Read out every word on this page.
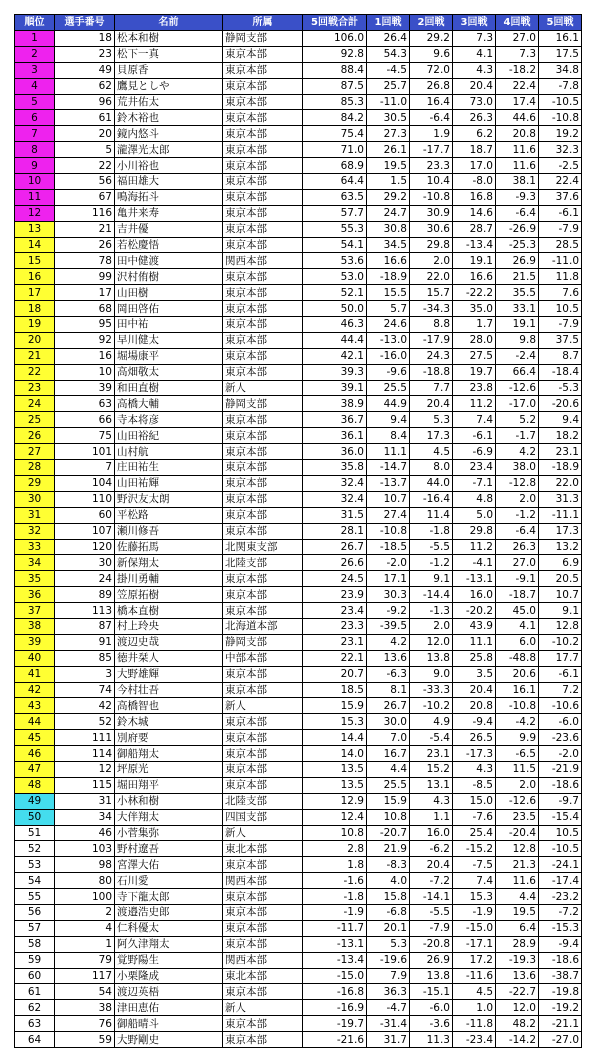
順位	選手番号	名前	所属	5回戦合計	1回戦	2回戦	3回戦	4回戦	5回戦
1	18	松本和樹	静岡支部	106.0	26.4	29.2	7.3	27.0	16.1
2	23	松下一真	東京本部	92.8	54.3	9.6	4.1	7.3	17.5
3	49	貝原香	東京本部	88.4	-4.5	72.0	4.3	-18.2	34.8
4	62	鷹見としや	東京本部	87.5	25.7	26.8	20.4	22.4	-7.8
5	96	荒井佑太	東京本部	85.3	-11.0	16.4	73.0	17.4	-10.5
6	61	鈴木裕也	東京本部	84.2	30.5	-6.4	26.3	44.6	-10.8
7	20	鏡内悠斗	東京本部	75.4	27.3	1.9	6.2	20.8	19.2
8	5	瀧澤光太郎	東京本部	71.0	26.1	-17.7	18.7	11.6	32.3
9	22	小川裕也	東京本部	68.9	19.5	23.3	17.0	11.6	-2.5
10	56	福田雄大	東京本部	64.4	1.5	10.4	-8.0	38.1	22.4
11	67	鳴海拓斗	東京本部	63.5	29.2	-10.8	16.8	-9.3	37.6
12	116	亀井来寿	東京本部	57.7	24.7	30.9	14.6	-6.4	-6.1
13	21	吉井優	東京本部	55.3	30.8	30.6	28.7	-26.9	-7.9
14	26	若松慶悟	東京本部	54.1	34.5	29.8	-13.4	-25.3	28.5
15	78	田中健渡	関西本部	53.6	16.6	2.0	19.1	26.9	-11.0
16	99	沢村侑樹	東京本部	53.0	-18.9	22.0	16.6	21.5	11.8
17	17	山田樹	東京本部	52.1	15.5	15.7	-22.2	35.5	7.6
18	68	岡田啓佑	東京本部	50.0	5.7	-34.3	35.0	33.1	10.5
19	95	田中祐	東京本部	46.3	24.6	8.8	1.7	19.1	-7.9
20	92	早川健太	東京本部	44.4	-13.0	-17.9	28.0	9.8	37.5
21	16	堀場康平	東京本部	42.1	-16.0	24.3	27.5	-2.4	8.7
22	10	高畑敬太	東京本部	39.3	-9.6	-18.8	19.7	66.4	-18.4
23	39	和田直樹	新人	39.1	25.5	7.7	23.8	-12.6	-5.3
24	63	高橋大輔	静岡支部	38.9	44.9	20.4	11.2	-17.0	-20.6
25	66	寺本将彦	東京本部	36.7	9.4	5.3	7.4	5.2	9.4
26	75	山田裕紀	東京本部	36.1	8.4	17.3	-6.1	-1.7	18.2
27	101	山村航	東京本部	36.0	11.1	4.5	-6.9	4.2	23.1
28	7	庄田祐生	東京本部	35.8	-14.7	8.0	23.4	38.0	-18.9
29	104	山田祐輝	東京本部	32.4	-13.7	44.0	-7.1	-12.8	22.0
30	110	野沢友太朗	東京本部	32.4	10.7	-16.4	4.8	2.0	31.3
31	60	平松路	東京本部	31.5	27.4	11.4	5.0	-1.2	-11.1
32	107	瀬川修吾	東京本部	28.1	-10.8	-1.8	29.8	-6.4	17.3
33	120	佐藤拓馬	北関東支部	26.7	-18.5	-5.5	11.2	26.3	13.2
34	30	新保翔太	北陸支部	26.6	-2.0	-1.2	-4.1	27.0	6.9
35	24	掛川勇輔	東京本部	24.5	17.1	9.1	-13.1	-9.1	20.5
36	89	笠原拓樹	東京本部	23.9	30.3	-14.4	16.0	-18.7	10.7
37	113	橋本直樹	東京本部	23.4	-9.2	-1.3	-20.2	45.0	9.1
38	87	村上玲央	北海道本部	23.3	-39.5	2.0	43.9	4.1	12.8
39	91	渡辺史哉	静岡支部	23.1	4.2	12.0	11.1	6.0	-10.2
40	85	徳井栞人	中部本部	22.1	13.6	13.8	25.8	-48.8	17.7
41	3	大野雄輝	東京本部	20.7	-6.3	9.0	3.5	20.6	-6.1
42	74	今村壮吾	東京本部	18.5	8.1	-33.3	20.4	16.1	7.2
43	42	高橋智也	新人	15.9	26.7	-10.2	20.8	-10.8	-10.6
44	52	鈴木城	東京本部	15.3	30.0	4.9	-9.4	-4.2	-6.0
45	111	別府要	東京本部	14.4	7.0	-5.4	26.5	9.9	-23.6
46	114	御船翔太	東京本部	14.0	16.7	23.1	-17.3	-6.5	-2.0
47	12	坪原光	東京本部	13.5	4.4	15.2	4.3	11.5	-21.9
48	115	堀田翔平	東京本部	13.5	25.5	13.1	-8.5	2.0	-18.6
49	31	小林和樹	北陸支部	12.9	15.9	4.3	15.0	-12.6	-9.7
50	34	大伴翔太	四国支部	12.4	10.8	1.1	-7.6	23.5	-15.4
51	46	小菅集弥	新人	10.8	-20.7	16.0	25.4	-20.4	10.5
52	103	野村遼吾	東北本部	2.8	21.9	-6.2	-15.2	12.8	-10.5
53	98	宮澤大佑	東京本部	1.8	-8.3	20.4	-7.5	21.3	-24.1
54	80	石川愛	関西本部	-1.6	4.0	-7.2	7.4	11.6	-17.4
55	100	寺下龍太郎	東京本部	-1.8	15.8	-14.1	15.3	4.4	-23.2
56	2	渡邉浩史郎	東京本部	-1.9	-6.8	-5.5	-1.9	19.5	-7.2
57	4	仁科優太	東京本部	-11.7	20.1	-7.9	-15.0	6.4	-15.3
58	1	阿久津翔太	東京本部	-13.1	5.3	-20.8	-17.1	28.9	-9.4
59	79	覚野陽生	関西本部	-13.4	-19.6	26.9	17.2	-19.3	-18.6
60	117	小栗隆成	東北本部	-15.0	7.9	13.8	-11.6	13.6	-38.7
61	54	渡辺英梧	東京本部	-16.8	36.3	-15.1	4.5	-22.7	-19.8
62	38	津田恵佑	新人	-16.9	-4.7	-6.0	1.0	12.0	-19.2
63	76	御船晴斗	東京本部	-19.7	-31.4	-3.6	-11.8	48.2	-21.1
64	59	大野剛史	東京本部	-21.6	31.7	11.3	-23.4	-14.2	-27.0
